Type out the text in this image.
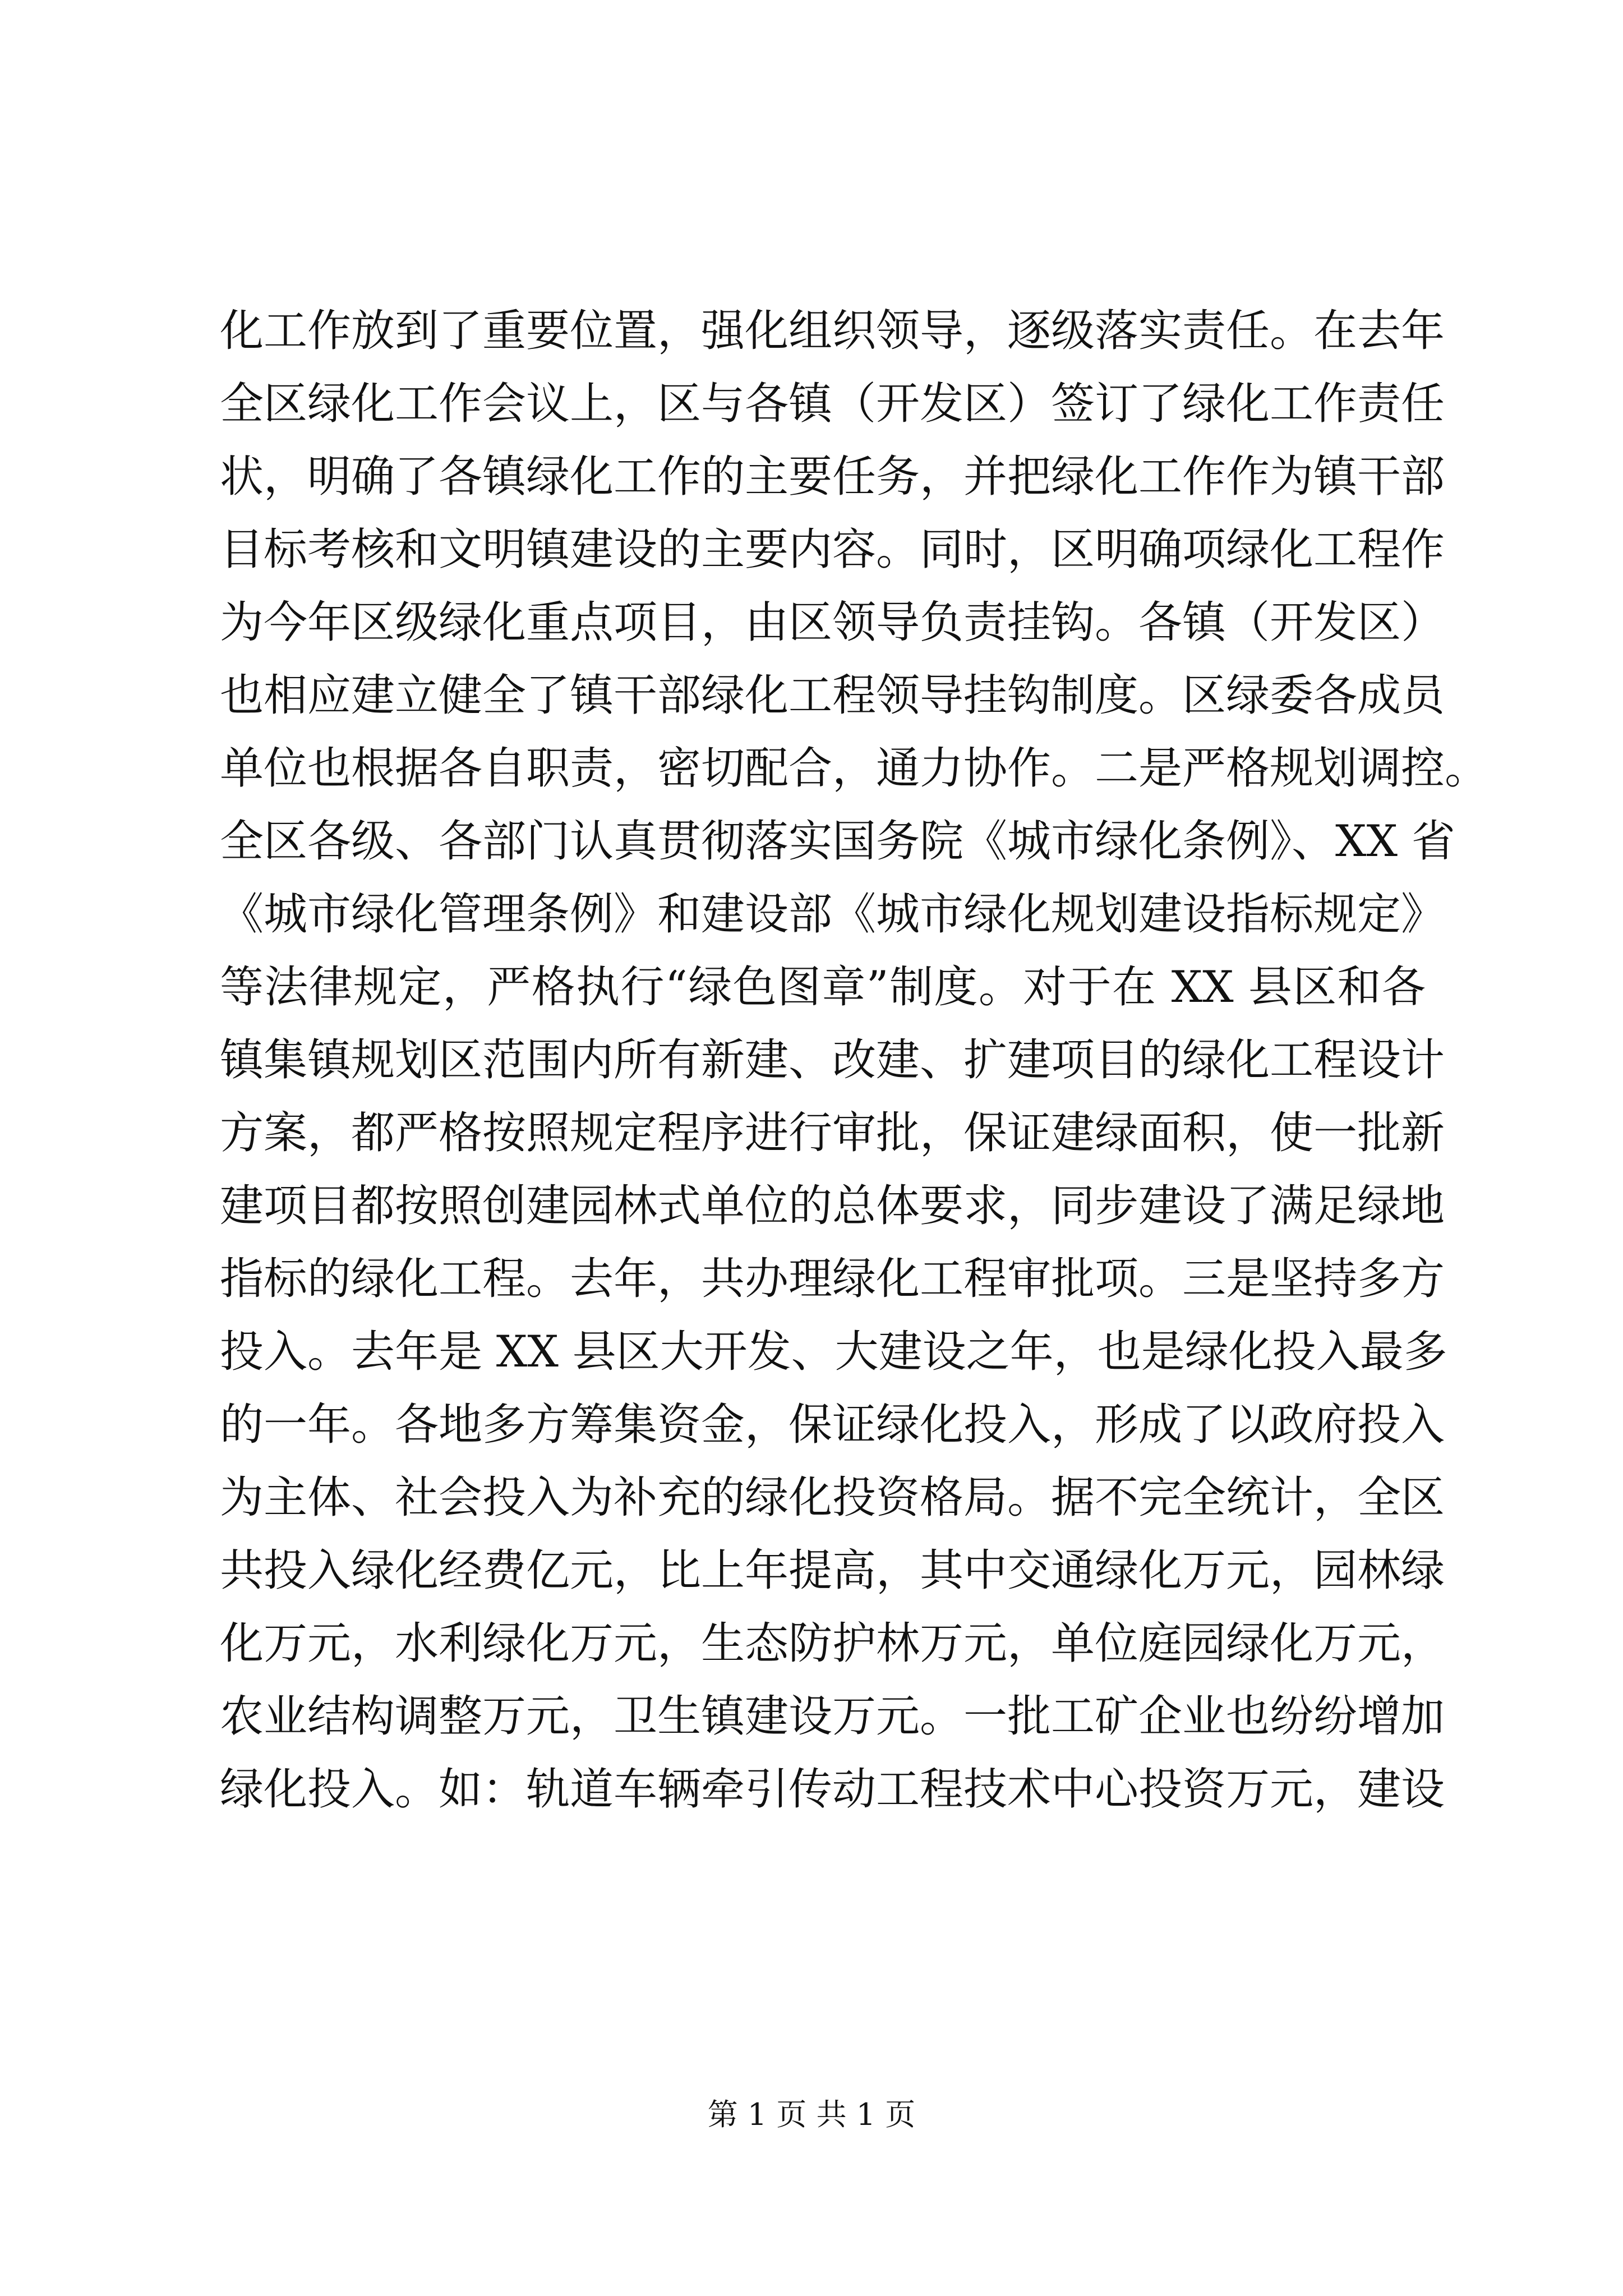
化工作放到了重要位置，强化组织领导，逐级落实责任。在去年
全区绿化工作会议上，区与各镇（开发区）签订了绿化工作责任
状，明确了各镇绿化工作的主要任务，并把绿化工作作为镇干部
目标考核和文明镇建设的主要内容。同时，区明确项绿化工程作
为今年区级绿化重点项目，由区领导负责挂钩。各镇（开发区）
也相应建立健全了镇干部绿化工程领导挂钩制度。区绿委各成员
单位也根据各自职责，密切配合，通力协作。二是严格规划调控。
全区各级、各部门认真贯彻落实国务院《城市绿化条例》、XX 省
《城市绿化管理条例》和建设部《城市绿化规划建设指标规定》
等法律规定，严格执行“绿色图章”制度。对于在 XX 县区和各
镇集镇规划区范围内所有新建、改建、扩建项目的绿化工程设计
方案，都严格按照规定程序进行审批，保证建绿面积，使一批新
建项目都按照创建园林式单位的总体要求，同步建设了满足绿地
指标的绿化工程。去年，共办理绿化工程审批项。三是坚持多方
投入。去年是 XX 县区大开发、大建设之年，也是绿化投入最多
的一年。各地多方筹集资金，保证绿化投入，形成了以政府投入
为主体、社会投入为补充的绿化投资格局。据不完全统计，全区
共投入绿化经费亿元，比上年提高，其中交通绿化万元，园林绿
化万元，水利绿化万元，生态防护林万元，单位庭园绿化万元，
农业结构调整万元，卫生镇建设万元。一批工矿企业也纷纷增加
绿化投入。如：轨道车辆牵引传动工程技术中心投资万元，建设
第 1 页 共 1 页
